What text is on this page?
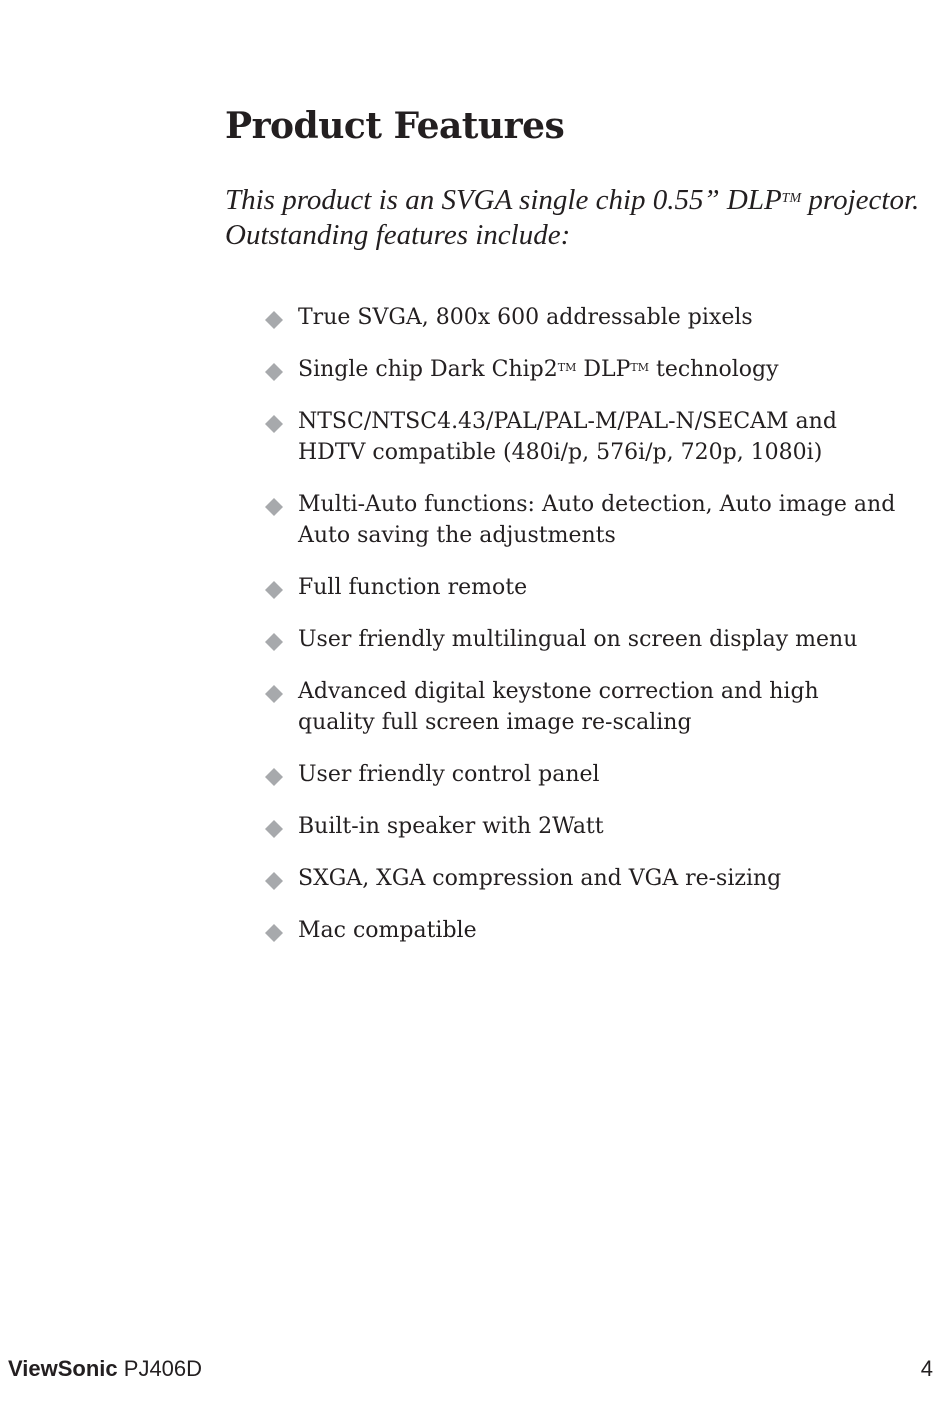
Product Features

This product is an SVGA single chip 0.55” DLP™ projector.
Outstanding features include:

True SVGA, 800x 600 addressable pixels
Single chip Dark Chip2™ DLP™ technology
NTSC/NTSC4.43/PAL/PAL-M/PAL-N/SECAM and
HDTV compatible (480i/p, 576i/p, 720p, 1080i)
Multi-Auto functions: Auto detection, Auto image and
Auto saving the adjustments
Full function remote
User friendly multilingual on screen display menu
Advanced digital keystone correction and high
quality full screen image re-scaling
User friendly control panel
Built-in speaker with 2Watt
SXGA, XGA compression and VGA re-sizing
Mac compatible
ViewSonic PJ406D	4
